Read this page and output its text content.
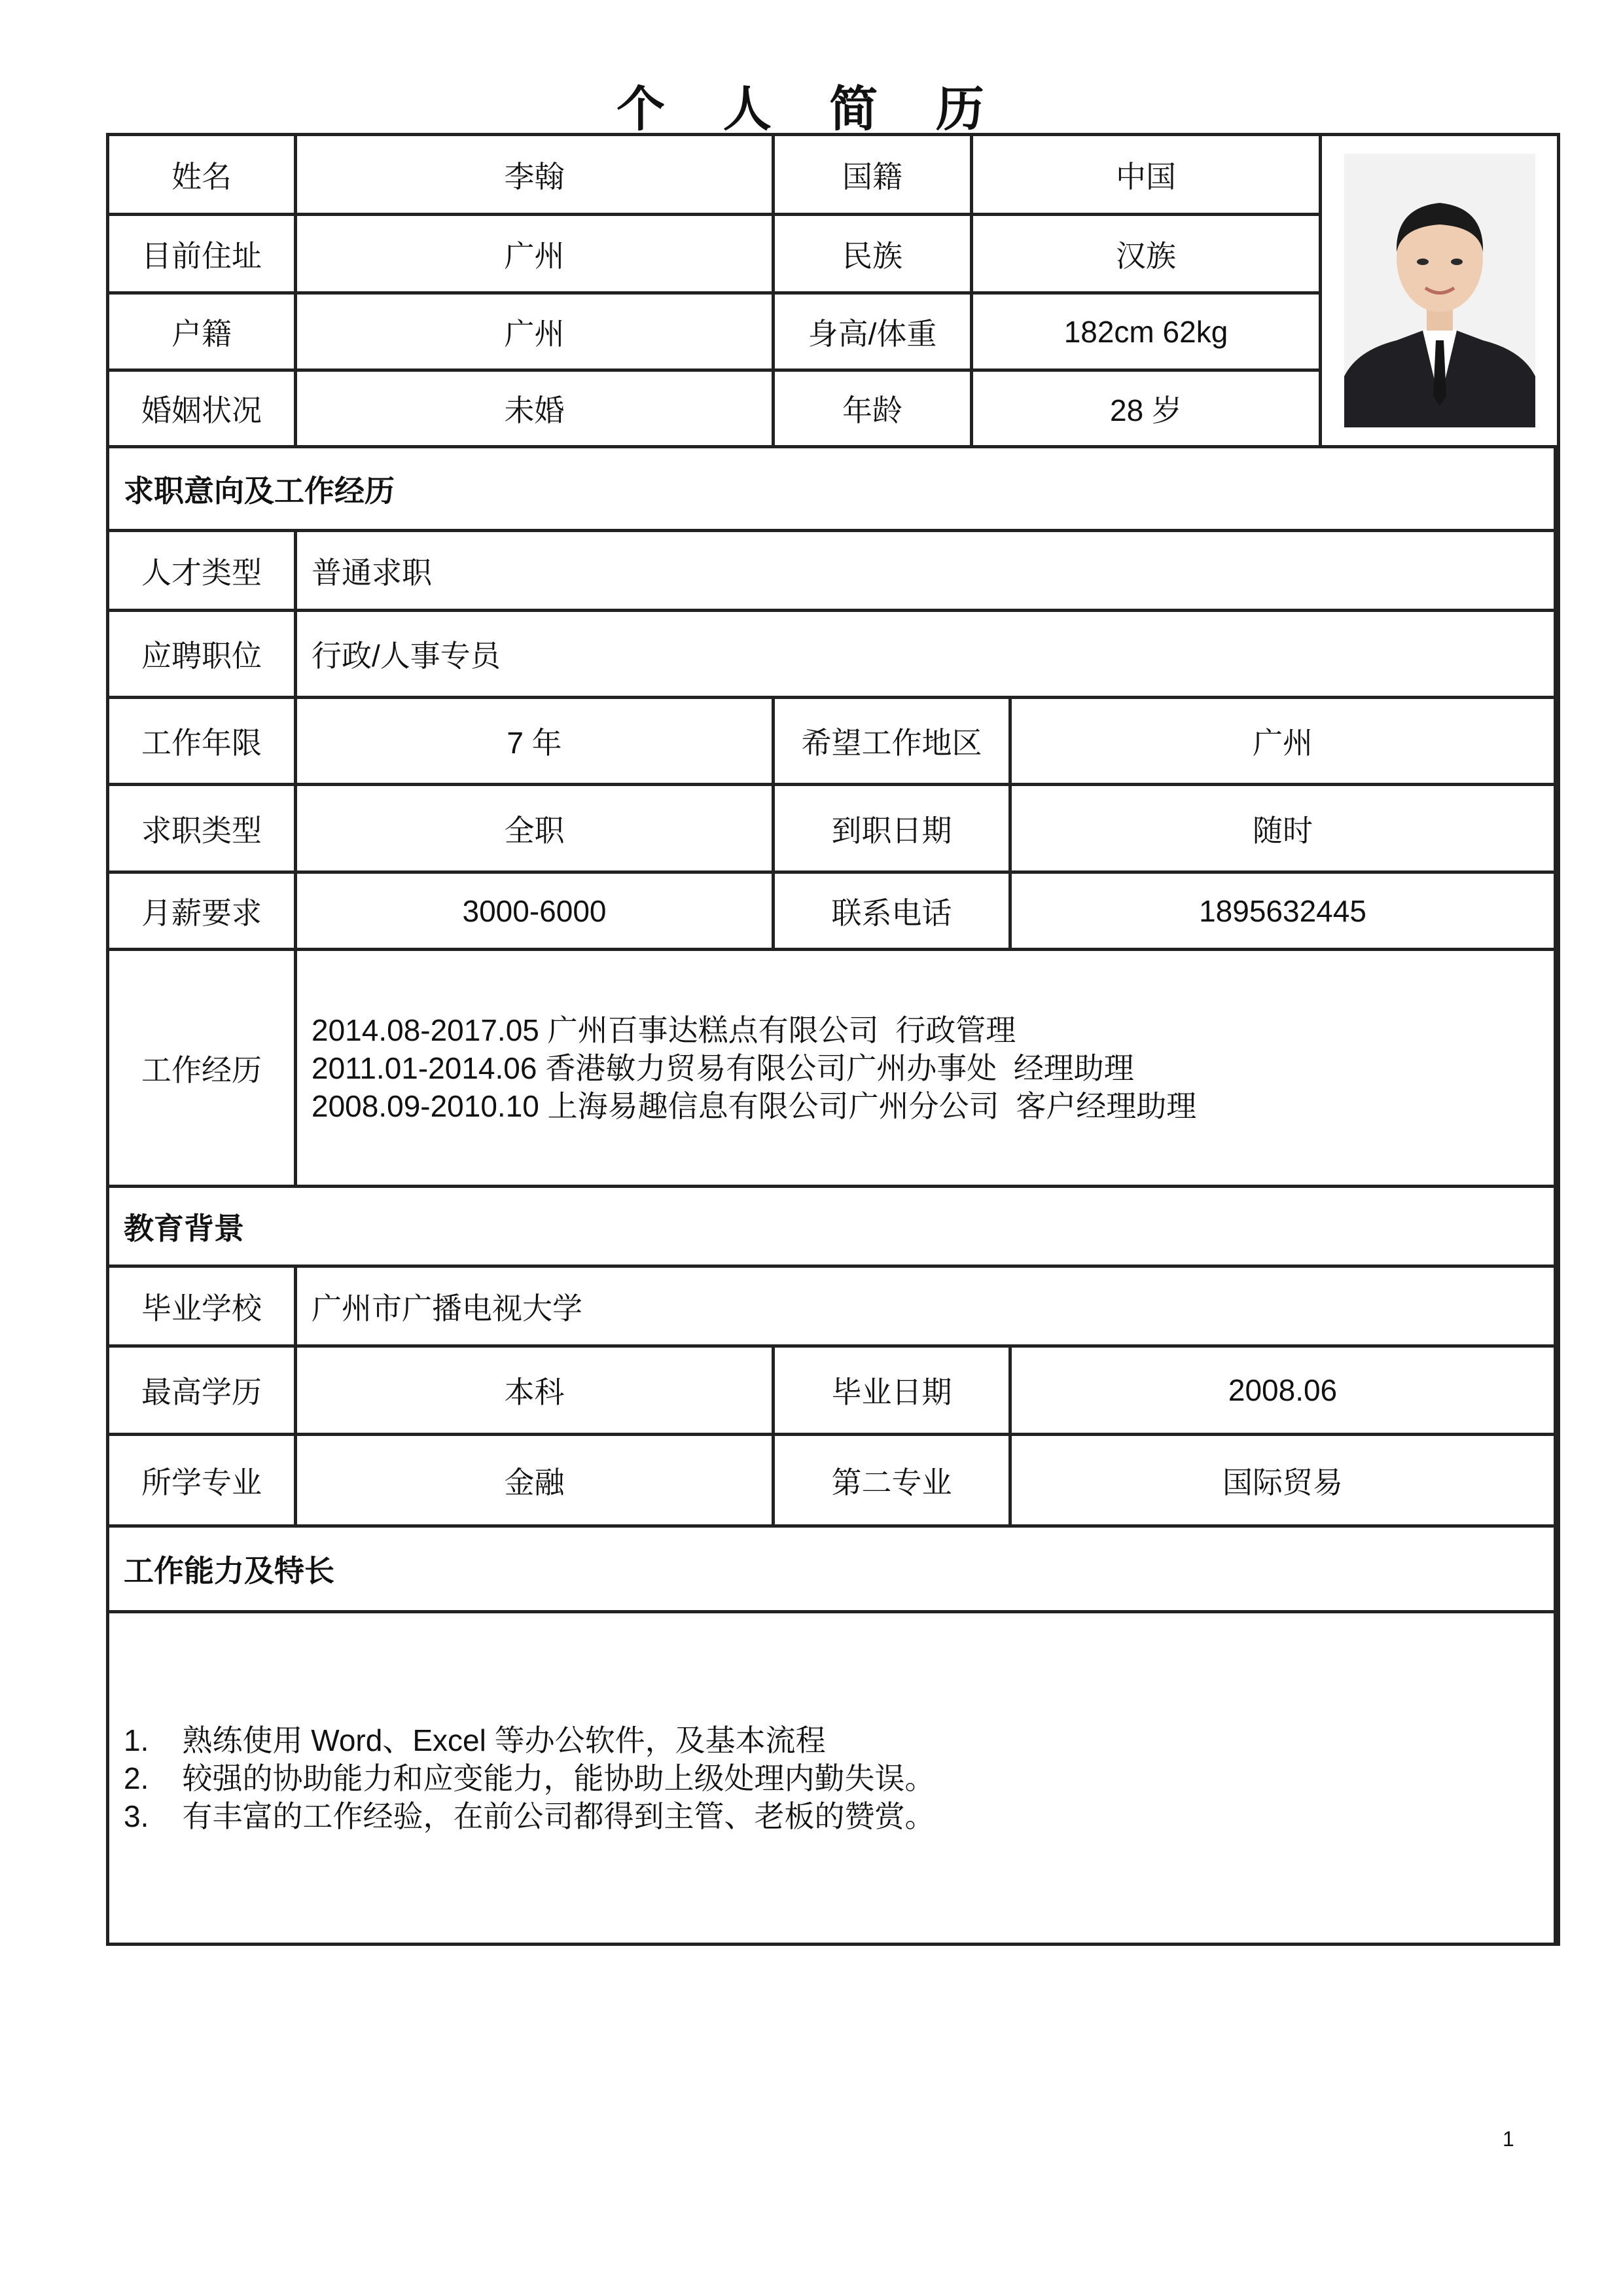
个 人 简 历
姓名	李翰	国籍	中国
目前住址	广州	民族	汉族
户籍	广州	身高/体重	182cm 62kg
婚姻状况	未婚	年龄	28 岁
求职意向及工作经历
人才类型	普通求职
应聘职位	行政/人事专员
工作年限	7 年	希望工作地区	广州
求职类型	全职	到职日期	随时
月薪要求	3000-6000	联系电话	1895632445
工作经历
2014.08-2017.05 广州百事达糕点有限公司  行政管理
2011.01-2014.06 香港敏力贸易有限公司广州办事处  经理助理
2008.09-2010.10 上海易趣信息有限公司广州分公司  客户经理助理
教育背景
毕业学校	广州市广播电视大学
最高学历	本科	毕业日期	2008.06
所学专业	金融	第二专业	国际贸易
工作能力及特长
1.    熟练使用 Word、Excel 等办公软件，及基本流程
2.    较强的协助能力和应变能力，能协助上级处理内勤失误。
3.    有丰富的工作经验，在前公司都得到主管、老板的赞赏。
1
